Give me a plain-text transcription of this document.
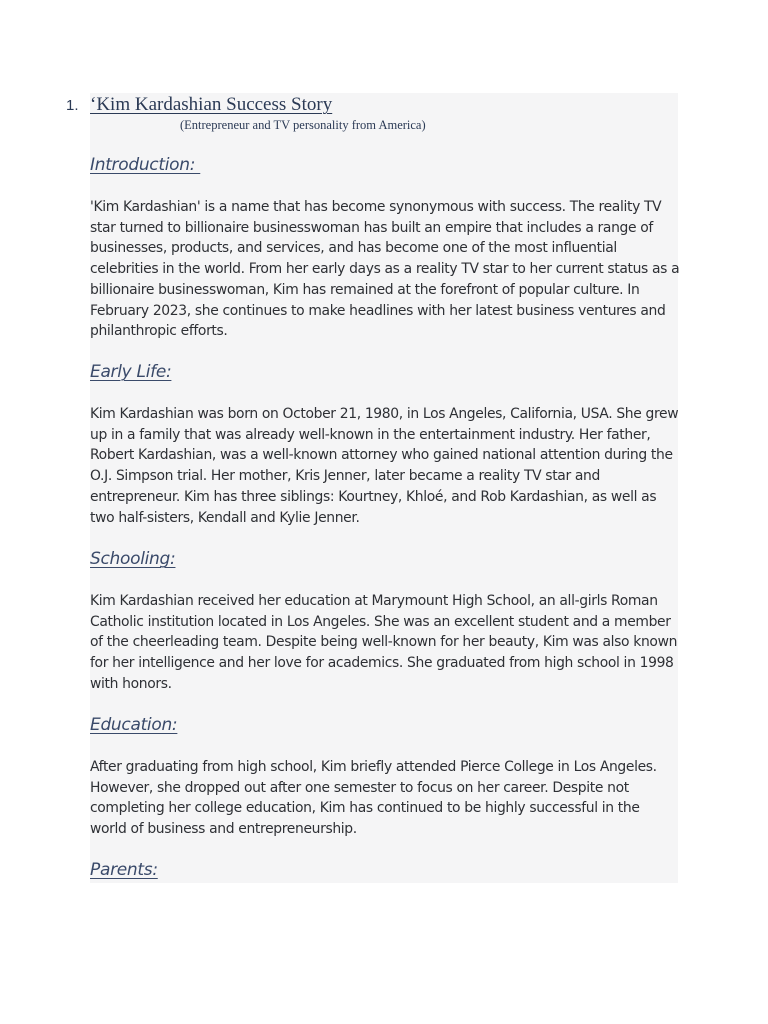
1. ‘Kim Kardashian Success Story
(Entrepreneur and TV personality from America)
Introduction:

'Kim Kardashian' is a name that has become synonymous with success. The reality TV star turned to billionaire businesswoman has built an empire that includes a range of businesses, products, and services, and has become one of the most influential celebrities in the world. From her early days as a reality TV star to her current status as a billionaire businesswoman, Kim has remained at the forefront of popular culture. In February 2023, she continues to make headlines with her latest business ventures and philanthropic efforts.

Early Life:

Kim Kardashian was born on October 21, 1980, in Los Angeles, California, USA. She grew up in a family that was already well-known in the entertainment industry. Her father, Robert Kardashian, was a well-known attorney who gained national attention during the O.J. Simpson trial. Her mother, Kris Jenner, later became a reality TV star and entrepreneur. Kim has three siblings: Kourtney, Khloé, and Rob Kardashian, as well as two half-sisters, Kendall and Kylie Jenner.

Schooling:

Kim Kardashian received her education at Marymount High School, an all-girls Roman Catholic institution located in Los Angeles. She was an excellent student and a member of the cheerleading team. Despite being well-known for her beauty, Kim was also known for her intelligence and her love for academics. She graduated from high school in 1998 with honors.

Education:

After graduating from high school, Kim briefly attended Pierce College in Los Angeles. However, she dropped out after one semester to focus on her career. Despite not completing her college education, Kim has continued to be highly successful in the world of business and entrepreneurship.

Parents:
